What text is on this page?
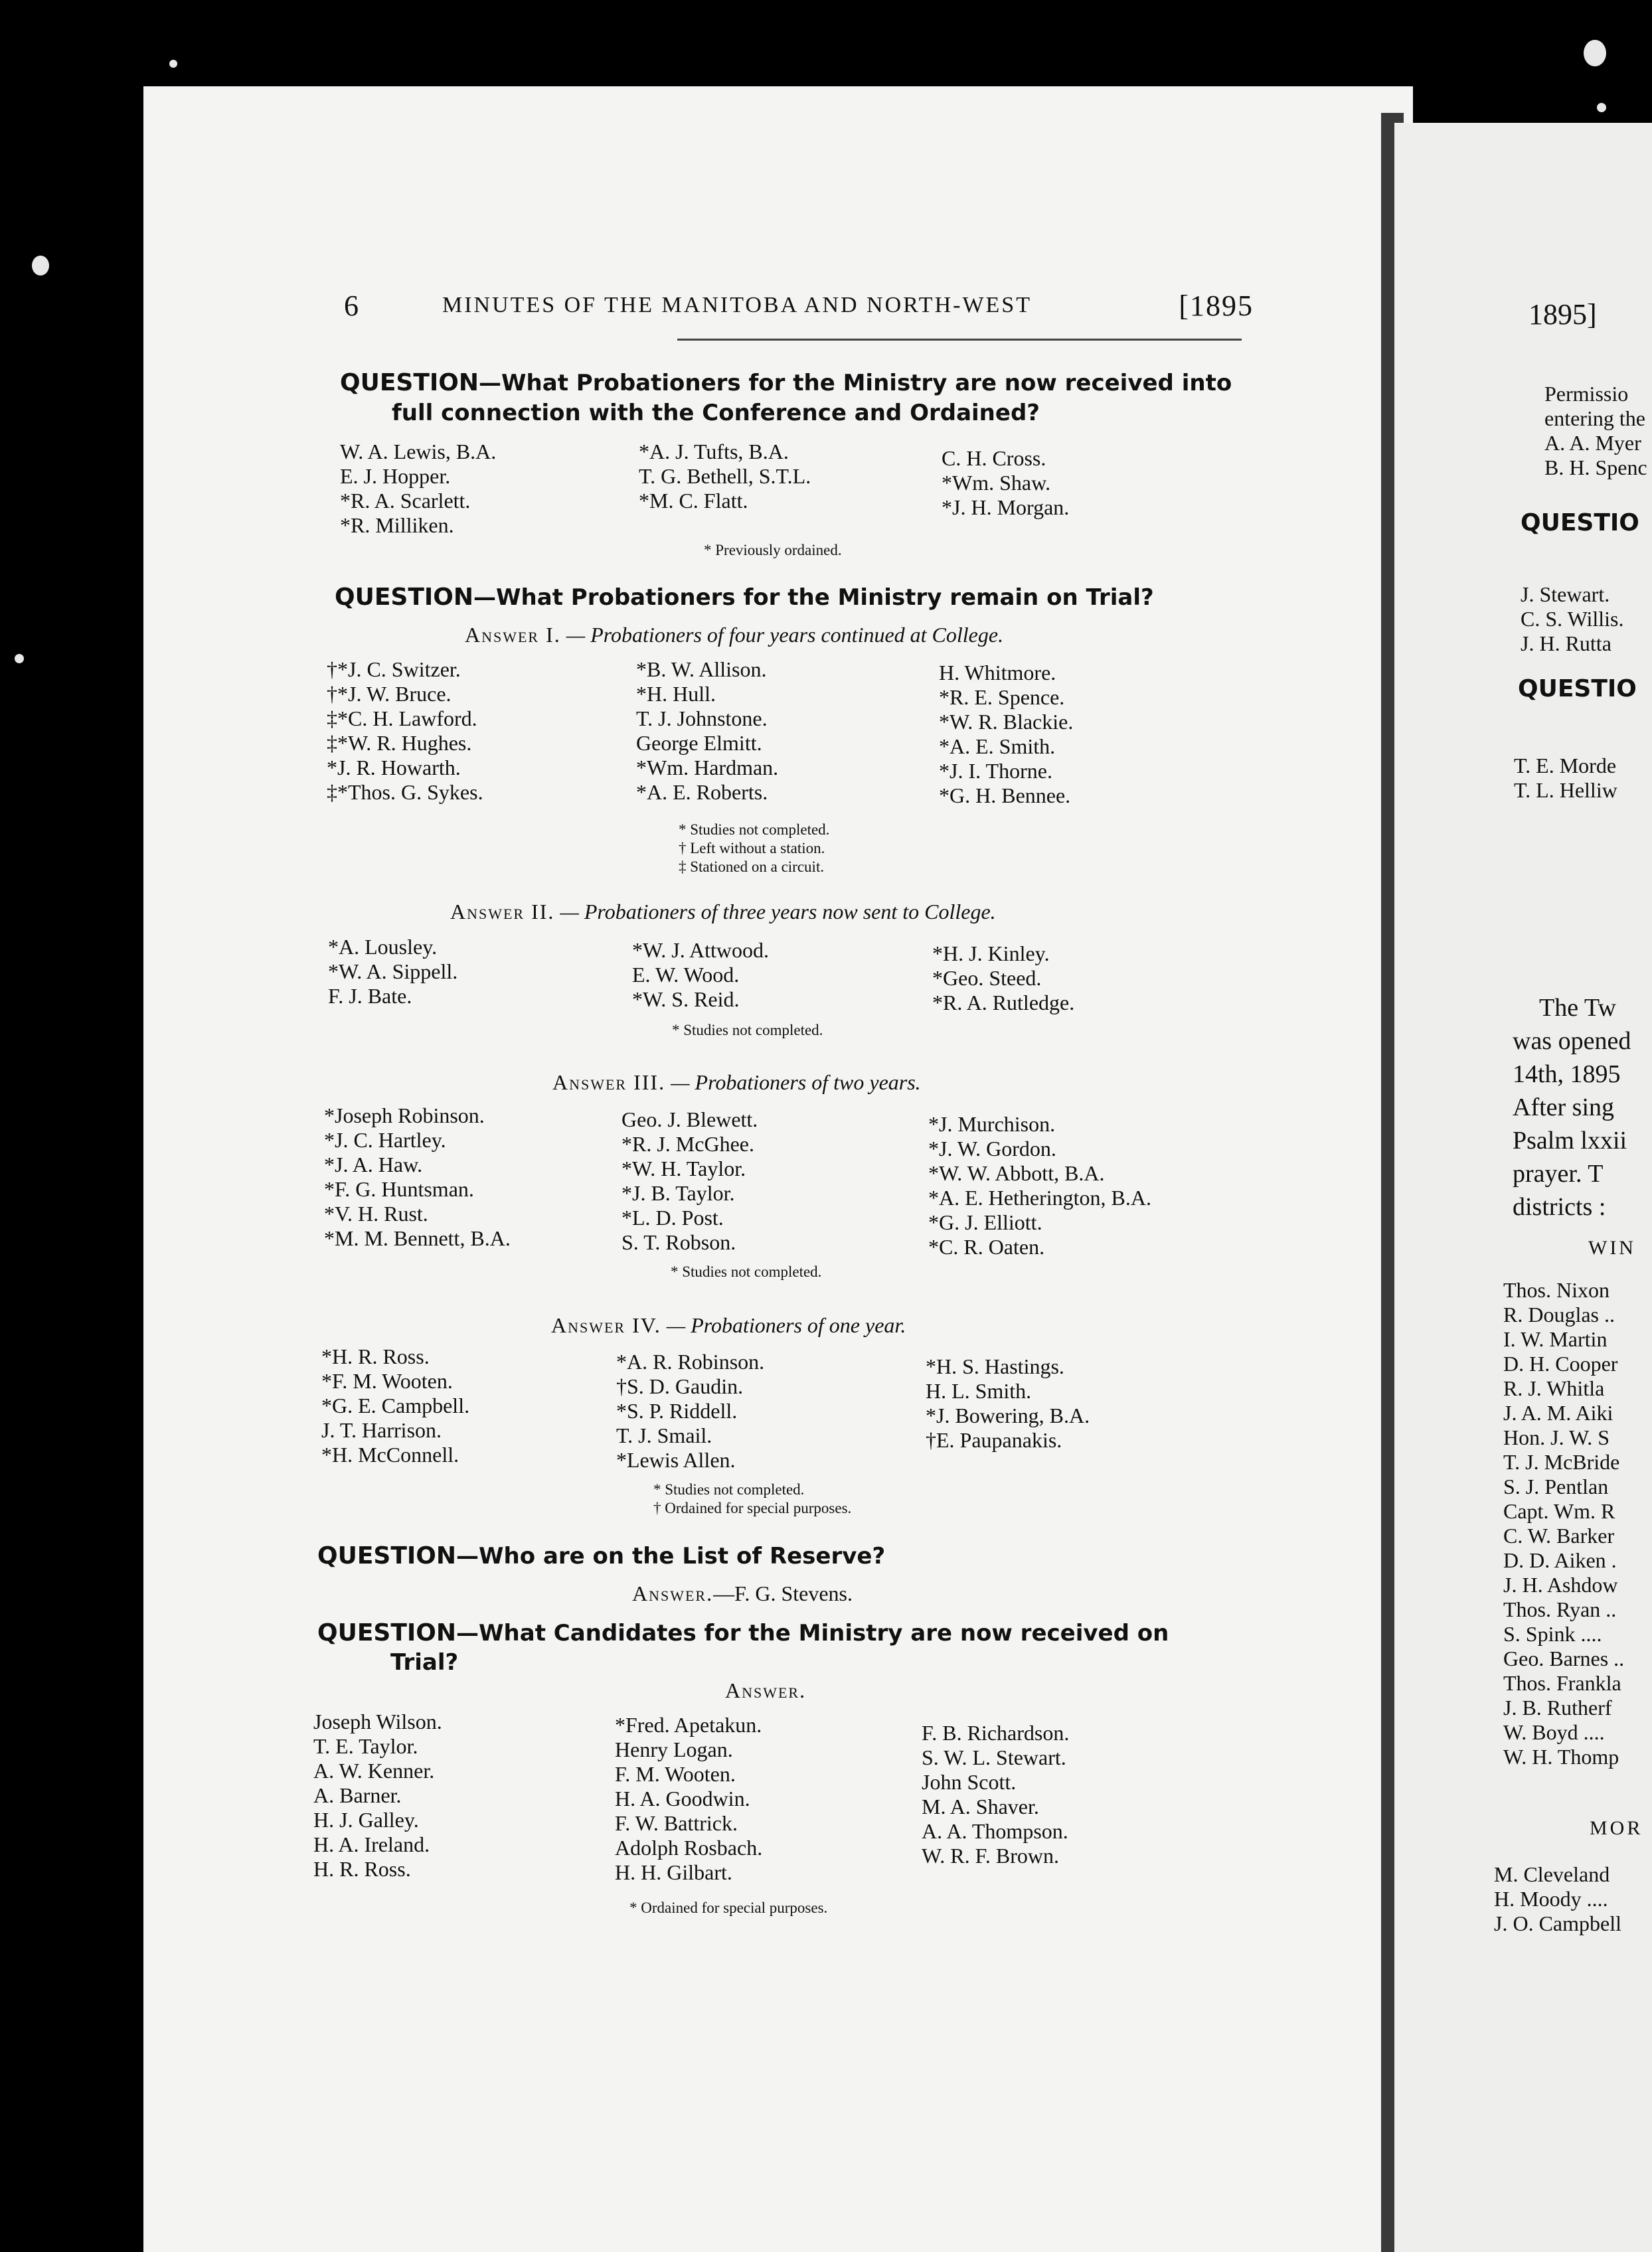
6	MINUTES OF THE MANITOBA AND NORTH-WEST	[1895
QUESTION—What Probationers for the Ministry are now received into
full connection with the Conference and Ordained?
W. A. Lewis, B.A.
E. J. Hopper.
*R. A. Scarlett.
*R. Milliken.
*A. J. Tufts, B.A.
T. G. Bethell, S.T.L.
*M. C. Flatt.
C. H. Cross.
*Wm. Shaw.
*J. H. Morgan.
* Previously ordained.
QUESTION—What Probationers for the Ministry remain on Trial?
Answer I. — Probationers of four years continued at College.
†*J. C. Switzer.
†*J. W. Bruce.
‡*C. H. Lawford.
‡*W. R. Hughes.
*J. R. Howarth.
‡*Thos. G. Sykes.
*B. W. Allison.
*H. Hull.
T. J. Johnstone.
George Elmitt.
*Wm. Hardman.
*A. E. Roberts.
H. Whitmore.
*R. E. Spence.
*W. R. Blackie.
*A. E. Smith.
*J. I. Thorne.
*G. H. Bennee.
* Studies not completed.
† Left without a station.
‡ Stationed on a circuit.
Answer II. — Probationers of three years now sent to College.
*A. Lousley.
*W. A. Sippell.
F. J. Bate.
*W. J. Attwood.
E. W. Wood.
*W. S. Reid.
*H. J. Kinley.
*Geo. Steed.
*R. A. Rutledge.
* Studies not completed.
Answer III. — Probationers of two years.
*Joseph Robinson.
*J. C. Hartley.
*J. A. Haw.
*F. G. Huntsman.
*V. H. Rust.
*M. M. Bennett, B.A.
Geo. J. Blewett.
*R. J. McGhee.
*W. H. Taylor.
*J. B. Taylor.
*L. D. Post.
S. T. Robson.
*J. Murchison.
*J. W. Gordon.
*W. W. Abbott, B.A.
*A. E. Hetherington, B.A.
*G. J. Elliott.
*C. R. Oaten.
* Studies not completed.
Answer IV. — Probationers of one year.
*H. R. Ross.
*F. M. Wooten.
*G. E. Campbell.
J. T. Harrison.
*H. McConnell.
*A. R. Robinson.
†S. D. Gaudin.
*S. P. Riddell.
T. J. Smail.
*Lewis Allen.
*H. S. Hastings.
H. L. Smith.
*J. Bowering, B.A.
†E. Paupanakis.
* Studies not completed.
† Ordained for special purposes.
QUESTION—Who are on the List of Reserve?
Answer.—F. G. Stevens.
QUESTION—What Candidates for the Ministry are now received on
Trial?
Answer.
Joseph Wilson.
T. E. Taylor.
A. W. Kenner.
A. Barner.
H. J. Galley.
H. A. Ireland.
H. R. Ross.
*Fred. Apetakun.
Henry Logan.
F. M. Wooten.
H. A. Goodwin.
F. W. Battrick.
Adolph Rosbach.
H. H. Gilbart.
F. B. Richardson.
S. W. L. Stewart.
John Scott.
M. A. Shaver.
A. A. Thompson.
W. R. F. Brown.
* Ordained for special purposes.
1895]
Permissio
entering the
A. A. Myer
B. H. Spenc
QUESTIO
J. Stewart.
C. S. Willis.
J. H. Rutta
QUESTIO
T. E. Morde
T. L. Helliw
The Tw
was opened
14th, 1895
After sing
Psalm lxxii
prayer. T
districts :
WIN
Thos. Nixon
R. Douglas ..
I. W. Martin
D. H. Cooper
R. J. Whitla
J. A. M. Aiki
Hon. J. W. S
T. J. McBride
S. J. Pentlan
Capt. Wm. R
C. W. Barker
D. D. Aiken .
J. H. Ashdow
Thos. Ryan ..
S. Spink ....
Geo. Barnes ..
Thos. Frankla
J. B. Rutherf
W. Boyd ....
W. H. Thomp
MOR
M. Cleveland
H. Moody ....
J. O. Campbell
